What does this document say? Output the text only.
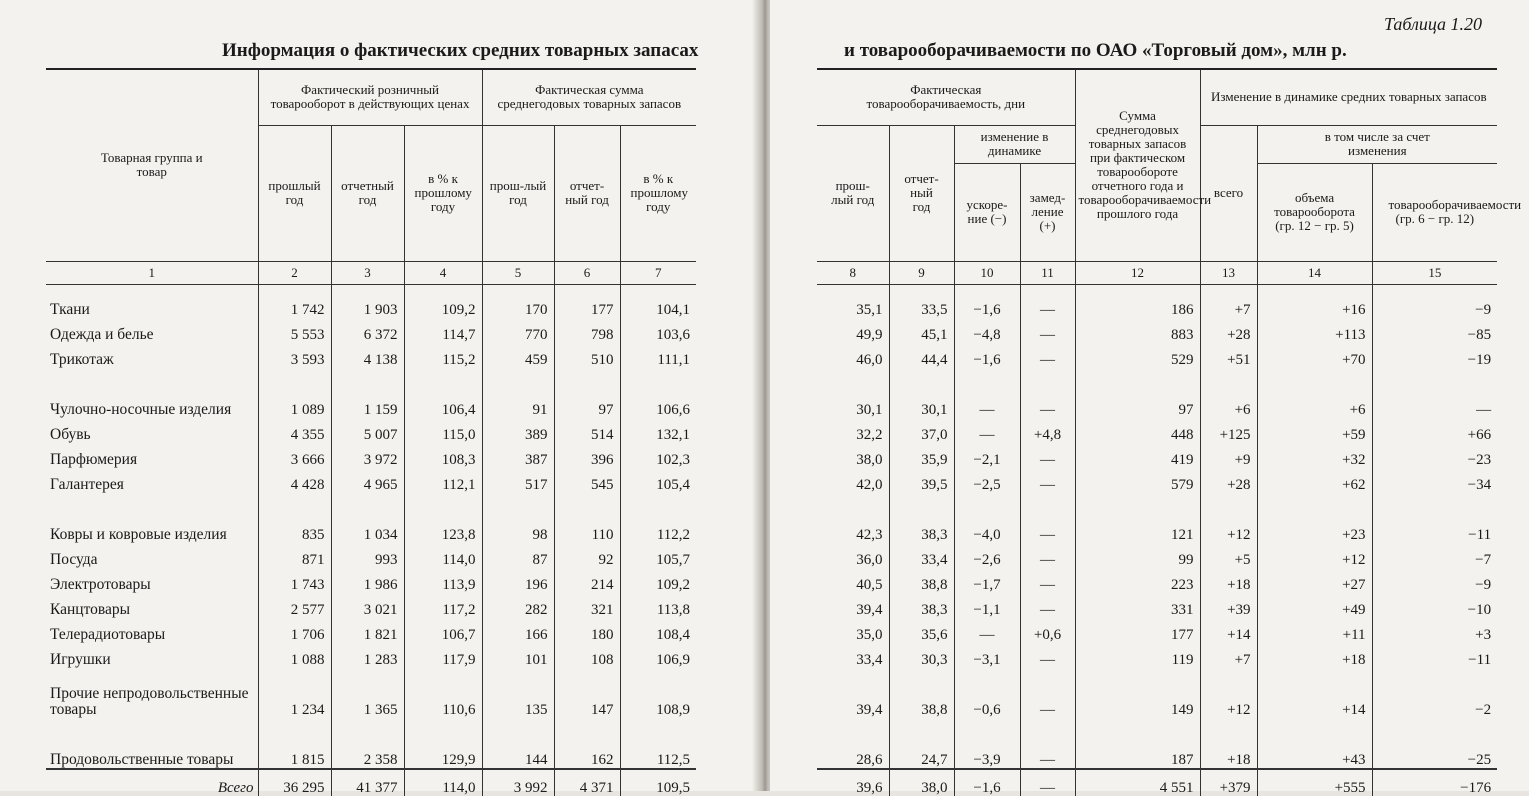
Информация о фактических средних товарных запасах
Товарная группа и товар	Фактический розничный товарооборот в действующих ценах			Фактическая сумма среднегодовых товарных запасов		
	прошлый год	отчетный год	в % к прошлому году	прош-лый год	отчет-ный год	в % к прошлому году
1	2	3	4	5	6	7
Ткани	1 742	1 903	109,2	170	177	104,1
Одежда и белье	5 553	6 372	114,7	770	798	103,6
Трикотаж	3 593	4 138	115,2	459	510	111,1
Чулочно-носочные изделия	1 089	1 159	106,4	91	97	106,6
Обувь	4 355	5 007	115,0	389	514	132,1
Парфюмерия	3 666	3 972	108,3	387	396	102,3
Галантерея	4 428	4 965	112,1	517	545	105,4
Ковры и ковровые изделия	835	1 034	123,8	98	110	112,2
Посуда	871	993	114,0	87	92	105,7
Электротовары	1 743	1 986	113,9	196	214	109,2
Канцтовары	2 577	3 021	117,2	282	321	113,8
Телерадиотовары	1 706	1 821	106,7	166	180	108,4
Игрушки	1 088	1 283	117,9	101	108	106,9
Прочие непродовольственные товары	1 234	1 365	110,6	135	147	108,9
Продовольственные товары	1 815	2 358	129,9	144	162	112,5
Всего	36 295	41 377	114,0	3 992	4 371	109,5
Таблица 1.20
и товарооборачиваемости по ОАО «Торговый дом», млн р.
Фактическая товарооборачиваемость, дни				Сумма среднегодовых товарных запасов при фактическом товарообороте отчетного года и товарооборачиваемости прошлого года	Изменение в динамике средних товарных запасов		
прош-лый год	отчет-ный год	изменение в динамике			всего	в том числе за счет изменения	
		ускоре-ние (−)	замед-ление (+)			объема товарооборота (гр. 12 − гр. 5)	товарооборачиваемости (гр. 6 − гр. 12)
8	9	10	11	12	13	14	15
35,1	33,5	−1,6	—	186	+7	+16	−9
49,9	45,1	−4,8	—	883	+28	+113	−85
46,0	44,4	−1,6	—	529	+51	+70	−19
30,1	30,1	—	—	97	+6	+6	—
32,2	37,0	—	+4,8	448	+125	+59	+66
38,0	35,9	−2,1	—	419	+9	+32	−23
42,0	39,5	−2,5	—	579	+28	+62	−34
42,3	38,3	−4,0	—	121	+12	+23	−11
36,0	33,4	−2,6	—	99	+5	+12	−7
40,5	38,8	−1,7	—	223	+18	+27	−9
39,4	38,3	−1,1	—	331	+39	+49	−10
35,0	35,6	—	+0,6	177	+14	+11	+3
33,4	30,3	−3,1	—	119	+7	+18	−11
39,4	38,8	−0,6	—	149	+12	+14	−2
28,6	24,7	−3,9	—	187	+18	+43	−25
39,6	38,0	−1,6	—	4 551	+379	+555	−176
